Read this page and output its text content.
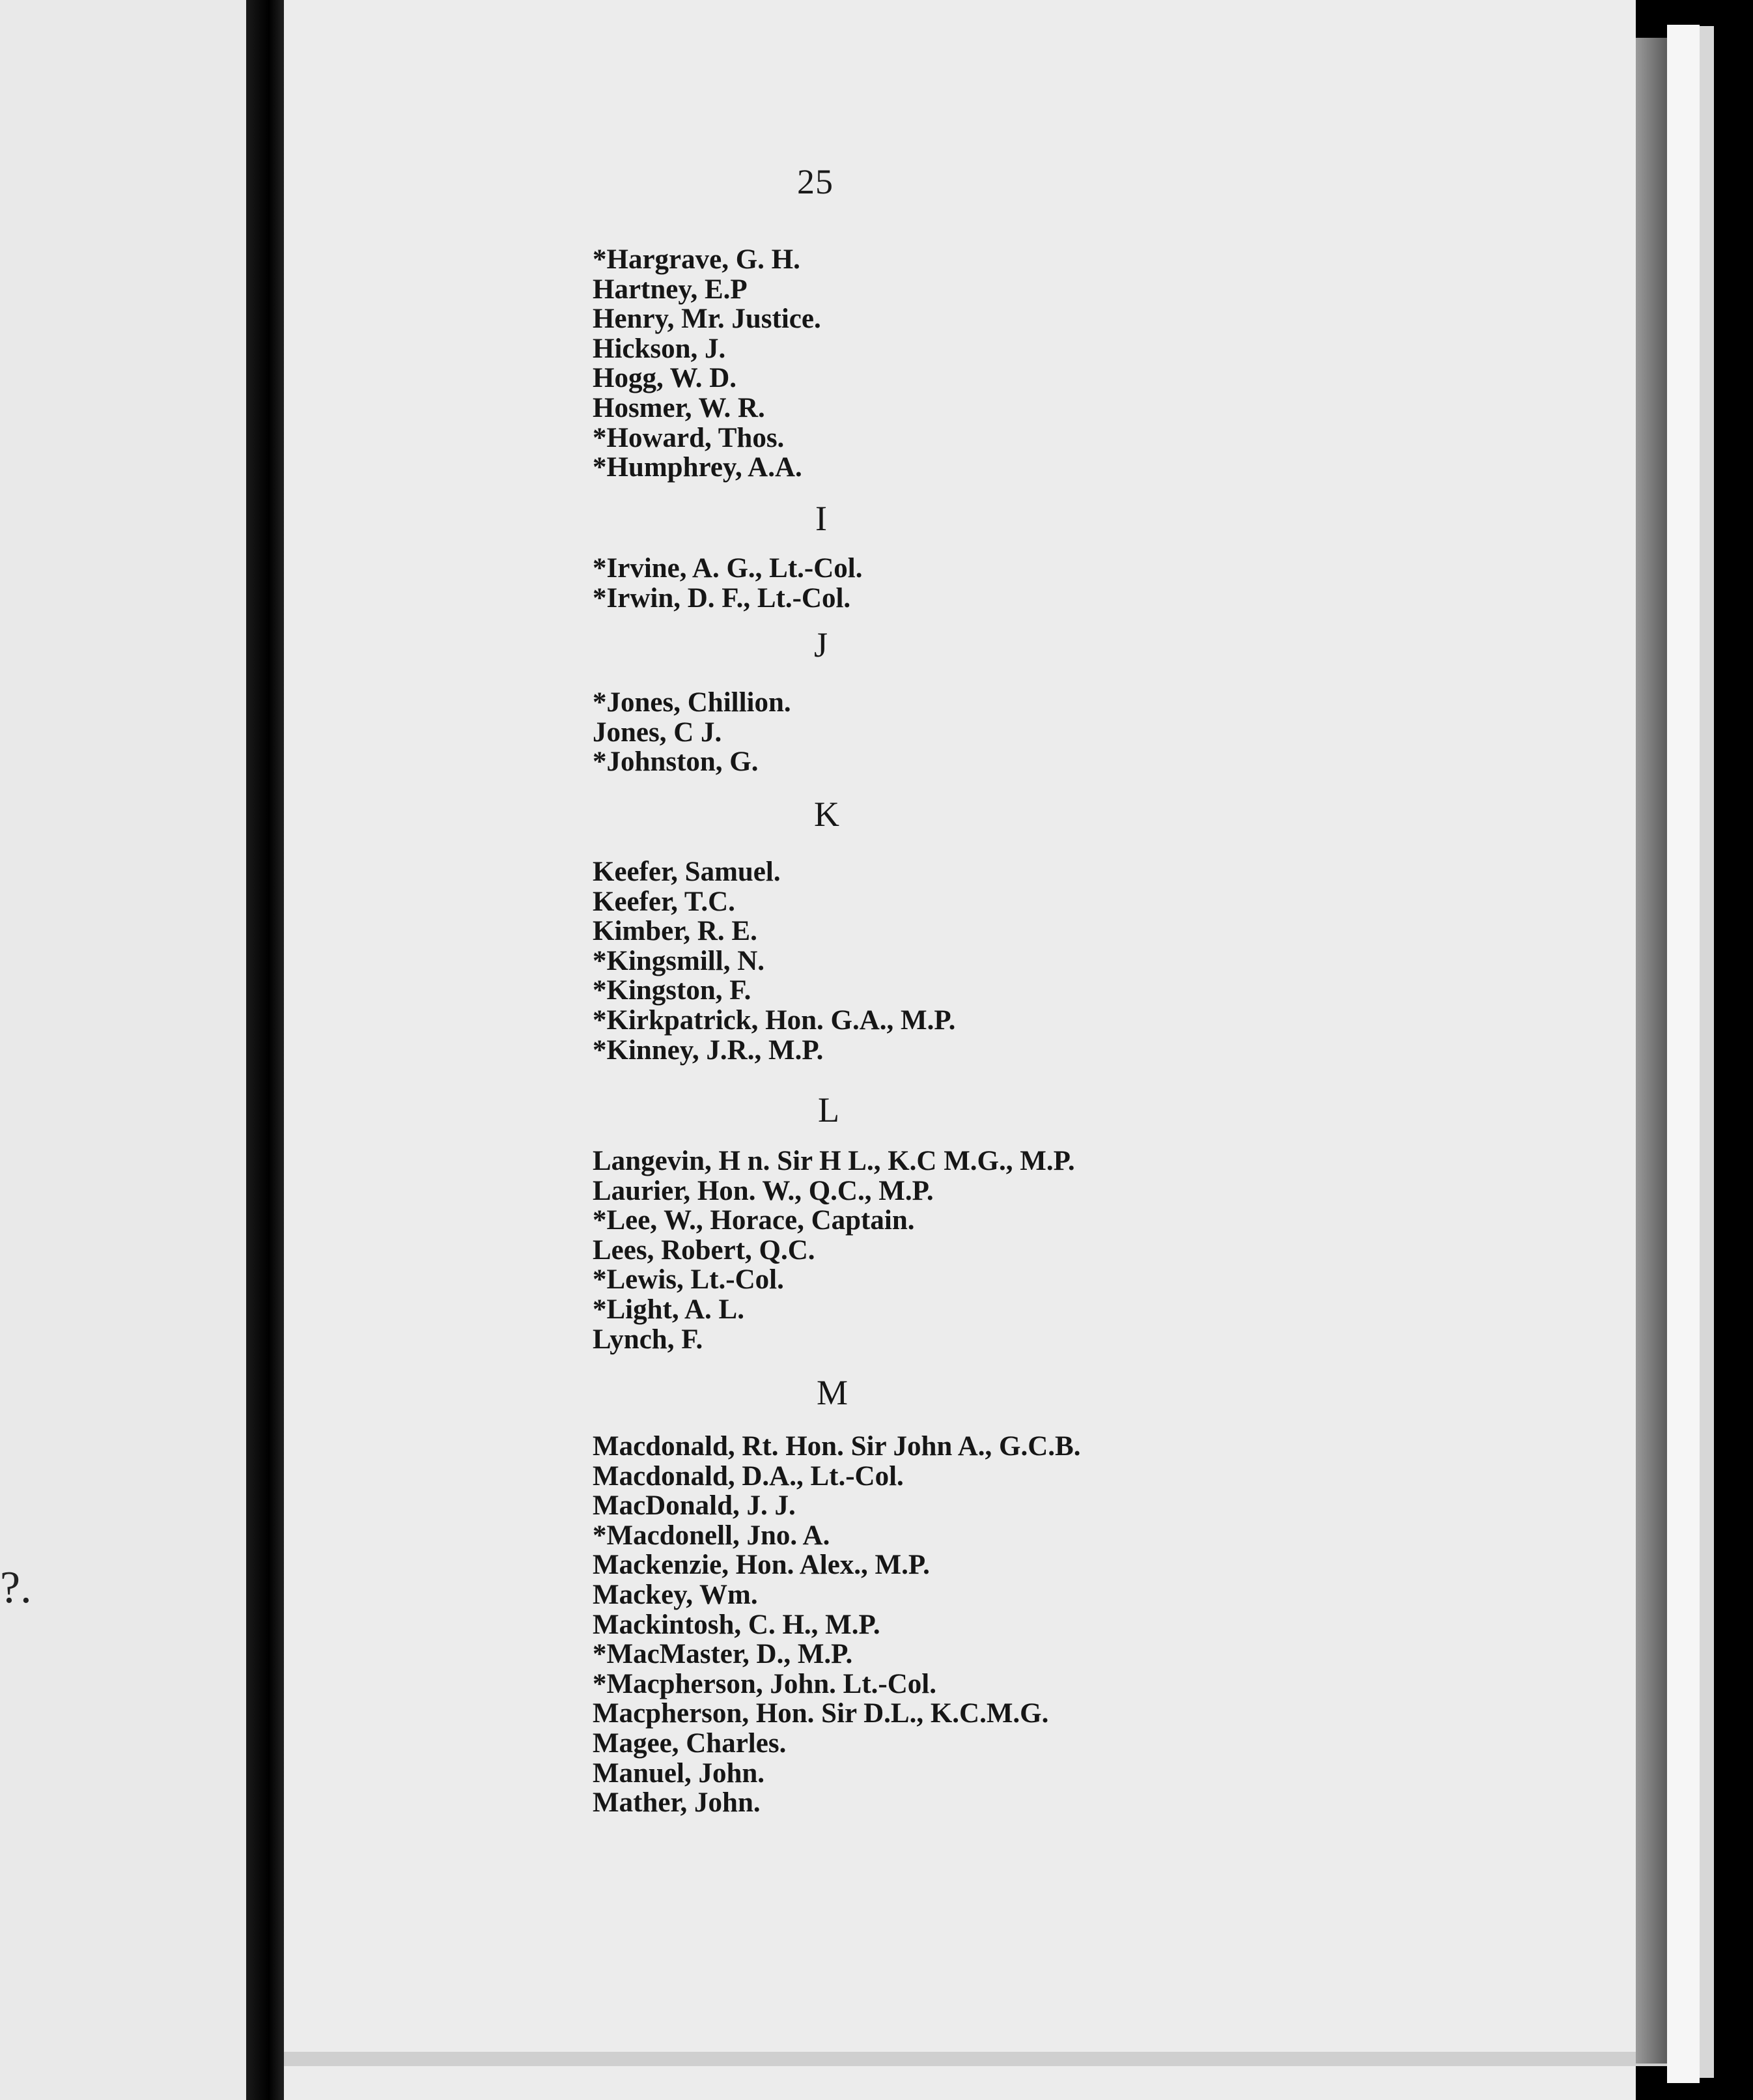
?.
25
*Hargrave, G. H.
Hartney, E.P
Henry, Mr. Justice.
Hickson, J.
Hogg, W. D.
Hosmer, W. R.
*Howard, Thos.
*Humphrey, A.A.
I
*Irvine, A. G., Lt.-Col.
*Irwin, D. F., Lt.-Col.
J
*Jones, Chillion.
Jones, C J.
*Johnston, G.
K
Keefer, Samuel.
Keefer, T.C.
Kimber, R. E.
*Kingsmill, N.
*Kingston, F.
*Kirkpatrick, Hon. G.A., M.P.
*Kinney, J.R., M.P.
L
Langevin, H n. Sir H L., K.C M.G., M.P.
Laurier, Hon. W., Q.C., M.P.
*Lee, W., Horace, Captain.
Lees, Robert, Q.C.
*Lewis, Lt.-Col.
*Light, A. L.
Lynch, F.
M
Macdonald, Rt. Hon. Sir John A., G.C.B.
Macdonald, D.A., Lt.-Col.
MacDonald, J. J.
*Macdonell, Jno. A.
Mackenzie, Hon. Alex., M.P.
Mackey, Wm.
Mackintosh, C. H., M.P.
*MacMaster, D., M.P.
*Macpherson, John. Lt.-Col.
Macpherson, Hon. Sir D.L., K.C.M.G.
Magee, Charles.
Manuel, John.
Mather, John.
